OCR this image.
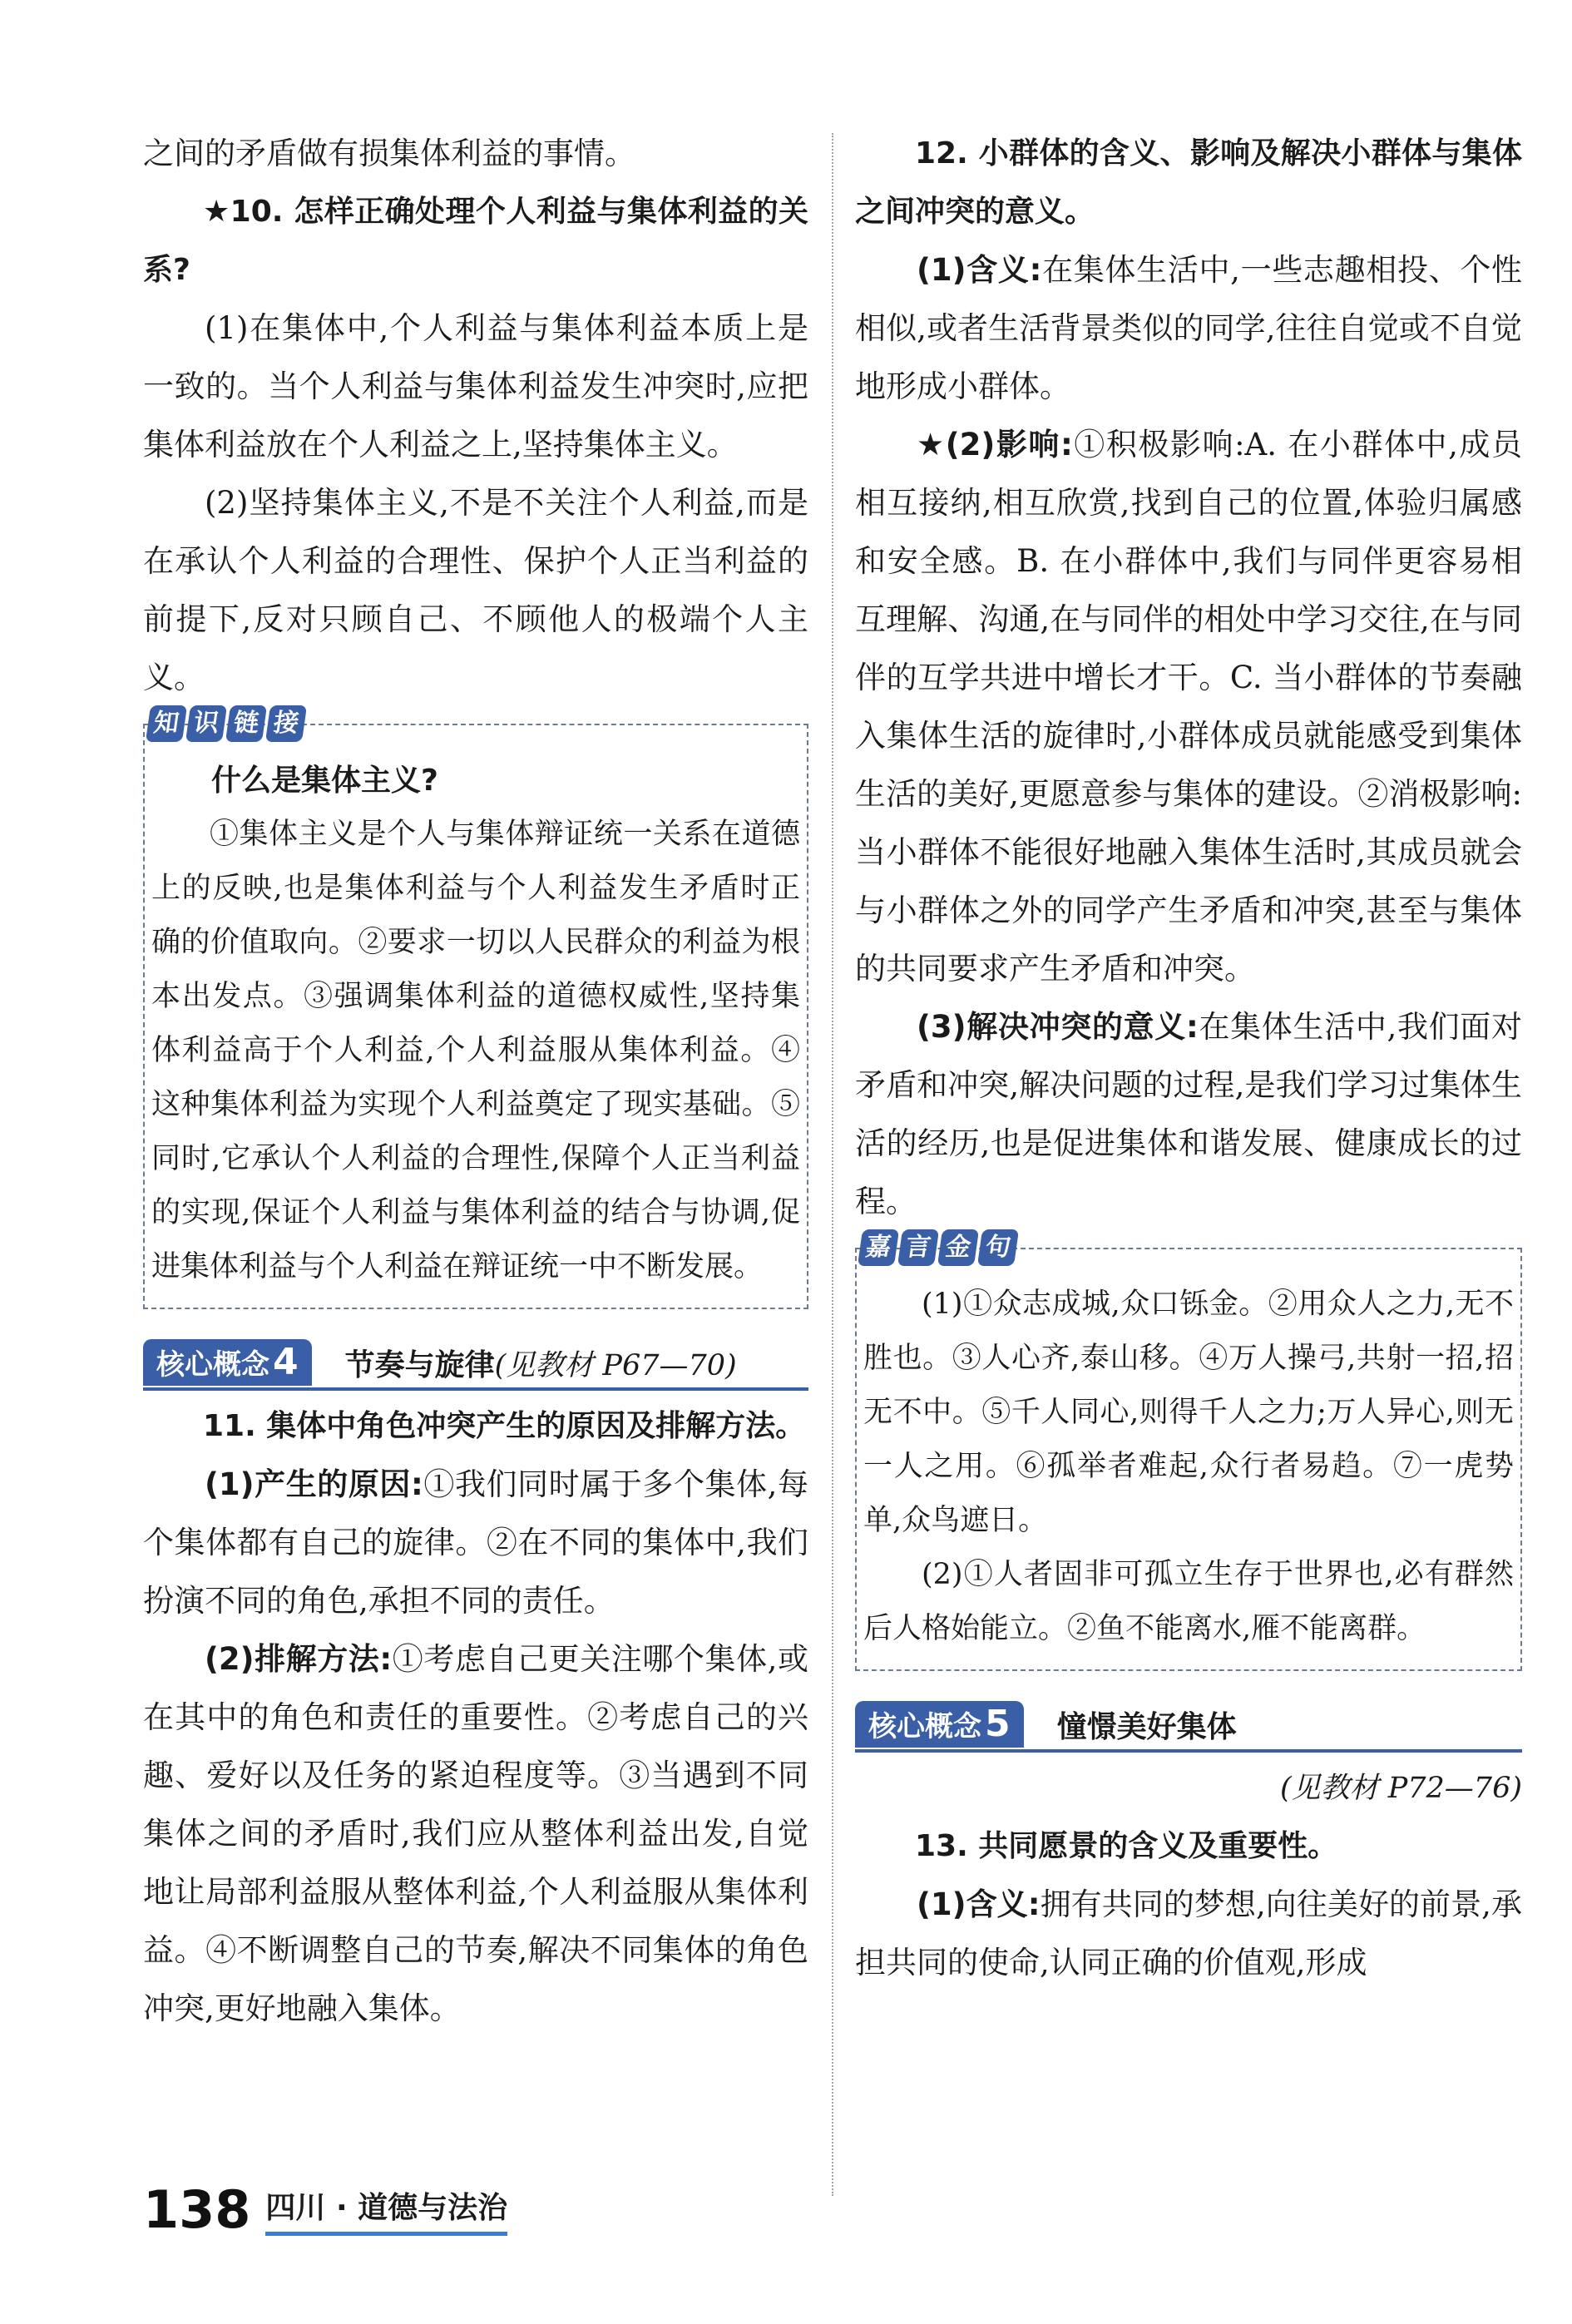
之间的矛盾做有损集体利益的事情。

★10. 怎样正确处理个人利益与集体利益的关系?

(1)在集体中,个人利益与集体利益本质上是一致的。当个人利益与集体利益发生冲突时,应把集体利益放在个人利益之上,坚持集体主义。

(2)坚持集体主义,不是不关注个人利益,而是在承认个人利益的合理性、保护个人正当利益的前提下,反对只顾自己、不顾他人的极端个人主义。

知 识 链 接

什么是集体主义?

①集体主义是个人与集体辩证统一关系在道德上的反映,也是集体利益与个人利益发生矛盾时正确的价值取向。②要求一切以人民群众的利益为根本出发点。③强调集体利益的道德权威性,坚持集体利益高于个人利益,个人利益服从集体利益。④这种集体利益为实现个人利益奠定了现实基础。⑤同时,它承认个人利益的合理性,保障个人正当利益的实现,保证个人利益与集体利益的结合与协调,促进集体利益与个人利益在辩证统一中不断发展。

核心概念4	节奏与旋律(见教材 P67—70)

11. 集体中角色冲突产生的原因及排解方法。

(1)产生的原因:①我们同时属于多个集体,每个集体都有自己的旋律。②在不同的集体中,我们扮演不同的角色,承担不同的责任。

(2)排解方法:①考虑自己更关注哪个集体,或在其中的角色和责任的重要性。②考虑自己的兴趣、爱好以及任务的紧迫程度等。③当遇到不同集体之间的矛盾时,我们应从整体利益出发,自觉地让局部利益服从整体利益,个人利益服从集体利益。④不断调整自己的节奏,解决不同集体的角色冲突,更好地融入集体。

12. 小群体的含义、影响及解决小群体与集体之间冲突的意义。

(1)含义:在集体生活中,一些志趣相投、个性相似,或者生活背景类似的同学,往往自觉或不自觉地形成小群体。

★(2)影响:①积极影响:A. 在小群体中,成员相互接纳,相互欣赏,找到自己的位置,体验归属感和安全感。B. 在小群体中,我们与同伴更容易相互理解、沟通,在与同伴的相处中学习交往,在与同伴的互学共进中增长才干。C. 当小群体的节奏融入集体生活的旋律时,小群体成员就能感受到集体生活的美好,更愿意参与集体的建设。②消极影响:当小群体不能很好地融入集体生活时,其成员就会与小群体之外的同学产生矛盾和冲突,甚至与集体的共同要求产生矛盾和冲突。

(3)解决冲突的意义:在集体生活中,我们面对矛盾和冲突,解决问题的过程,是我们学习过集体生活的经历,也是促进集体和谐发展、健康成长的过程。

嘉 言 金 句

(1)①众志成城,众口铄金。②用众人之力,无不胜也。③人心齐,泰山移。④万人操弓,共射一招,招无不中。⑤千人同心,则得千人之力;万人异心,则无一人之用。⑥孤举者难起,众行者易趋。⑦一虎势单,众鸟遮日。

(2)①人者固非可孤立生存于世界也,必有群然后人格始能立。②鱼不能离水,雁不能离群。

核心概念5	憧憬美好集体

(见教材 P72—76)

13. 共同愿景的含义及重要性。

(1)含义:拥有共同的梦想,向往美好的前景,承担共同的使命,认同正确的价值观,形成

138 四川 · 道德与法治
